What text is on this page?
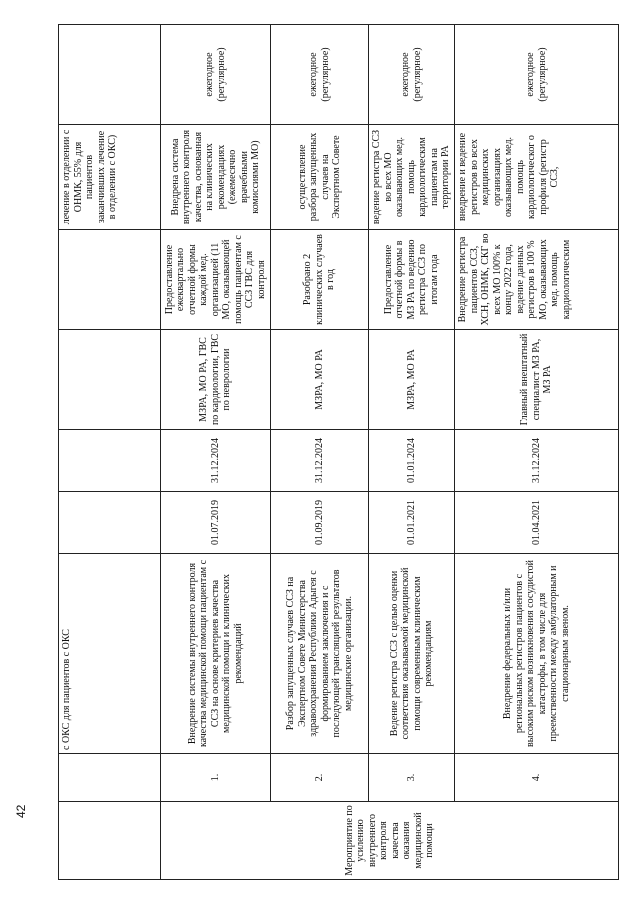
		с ОКС для пациентов с ОКС					лечение в отделении с ОНМК, 55% для пациентов заканчивших лечение в отделении с ОКС)	
Мероприятие по усилению внутреннего контроля качества оказания медицинской помощи	1.	Внедрение системы внутреннего контроля качества медицинской помощи пациентам с ССЗ на основе критериев качества медицинской помощи и клинических рекомендаций	01.07.2019	31.12.2024	МЗРА, МО РА, ГВС по кардиологии, ГВС по неврологии	Предоставление ежеквартально отчетной формы каждой мед. организацией (11 МО, оказывающей помощь пациентам с ССЗ ГВС для контроля	Внедрена система внутреннего контроля качества, основанная на клинических рекомендациях (ежемесячно врачебными комиссиями МО)	ежегодное (регулярное)
	2.	Разбор запущенных случаев ССЗ на Экспертном Совете Министерства здравоохранения Республики Адыгея с формированием заключения и с последующей трансляцией результатов медицинские организации.	01.09.2019	31.12.2024	МЗРА, МО РА	Разобрано 2 клинических случаев в год	осуществление разбора запущенных случаев на Экспертном Совете	ежегодное (регулярное)
	3.	Ведение регистра ССЗ с целью оценки соответствия оказываемой медицинской помощи современным клиническим рекомендациям	01.01.2021	01.01.2024	МЗРА, МО РА	Предоставление отчетной формы в МЗ РА по ведению регистра ССЗ по итогам года	ведение регистра ССЗ во всех МО оказывающих мед. помощь кардиологическим пациентам на территории РА	ежегодное (регулярное)
	4.	Внедрение федеральных и/или региональных регистров пациентов с высоким риском возникновения сосудистой катастрофы, в том числе для преемственности между амбулаторным и стационарным звеном.	01.04.2021	31.12.2024	Главный внештатный специалист МЗ РА, МЗ РА	Внедрение регистра пациентов ССЗ, ХСН, ОНМК, СКГ во всех МО 100% к концу 2022 года, ведение данных регистров в 100 % МО, оказывающих мед. помощь кардиологическим	внедрение и ведение регистров во всех медицинских организациях оказывающих мед. помощь кардиологическог о профиля (регистр ССЗ,	ежегодное (регулярное)
42
